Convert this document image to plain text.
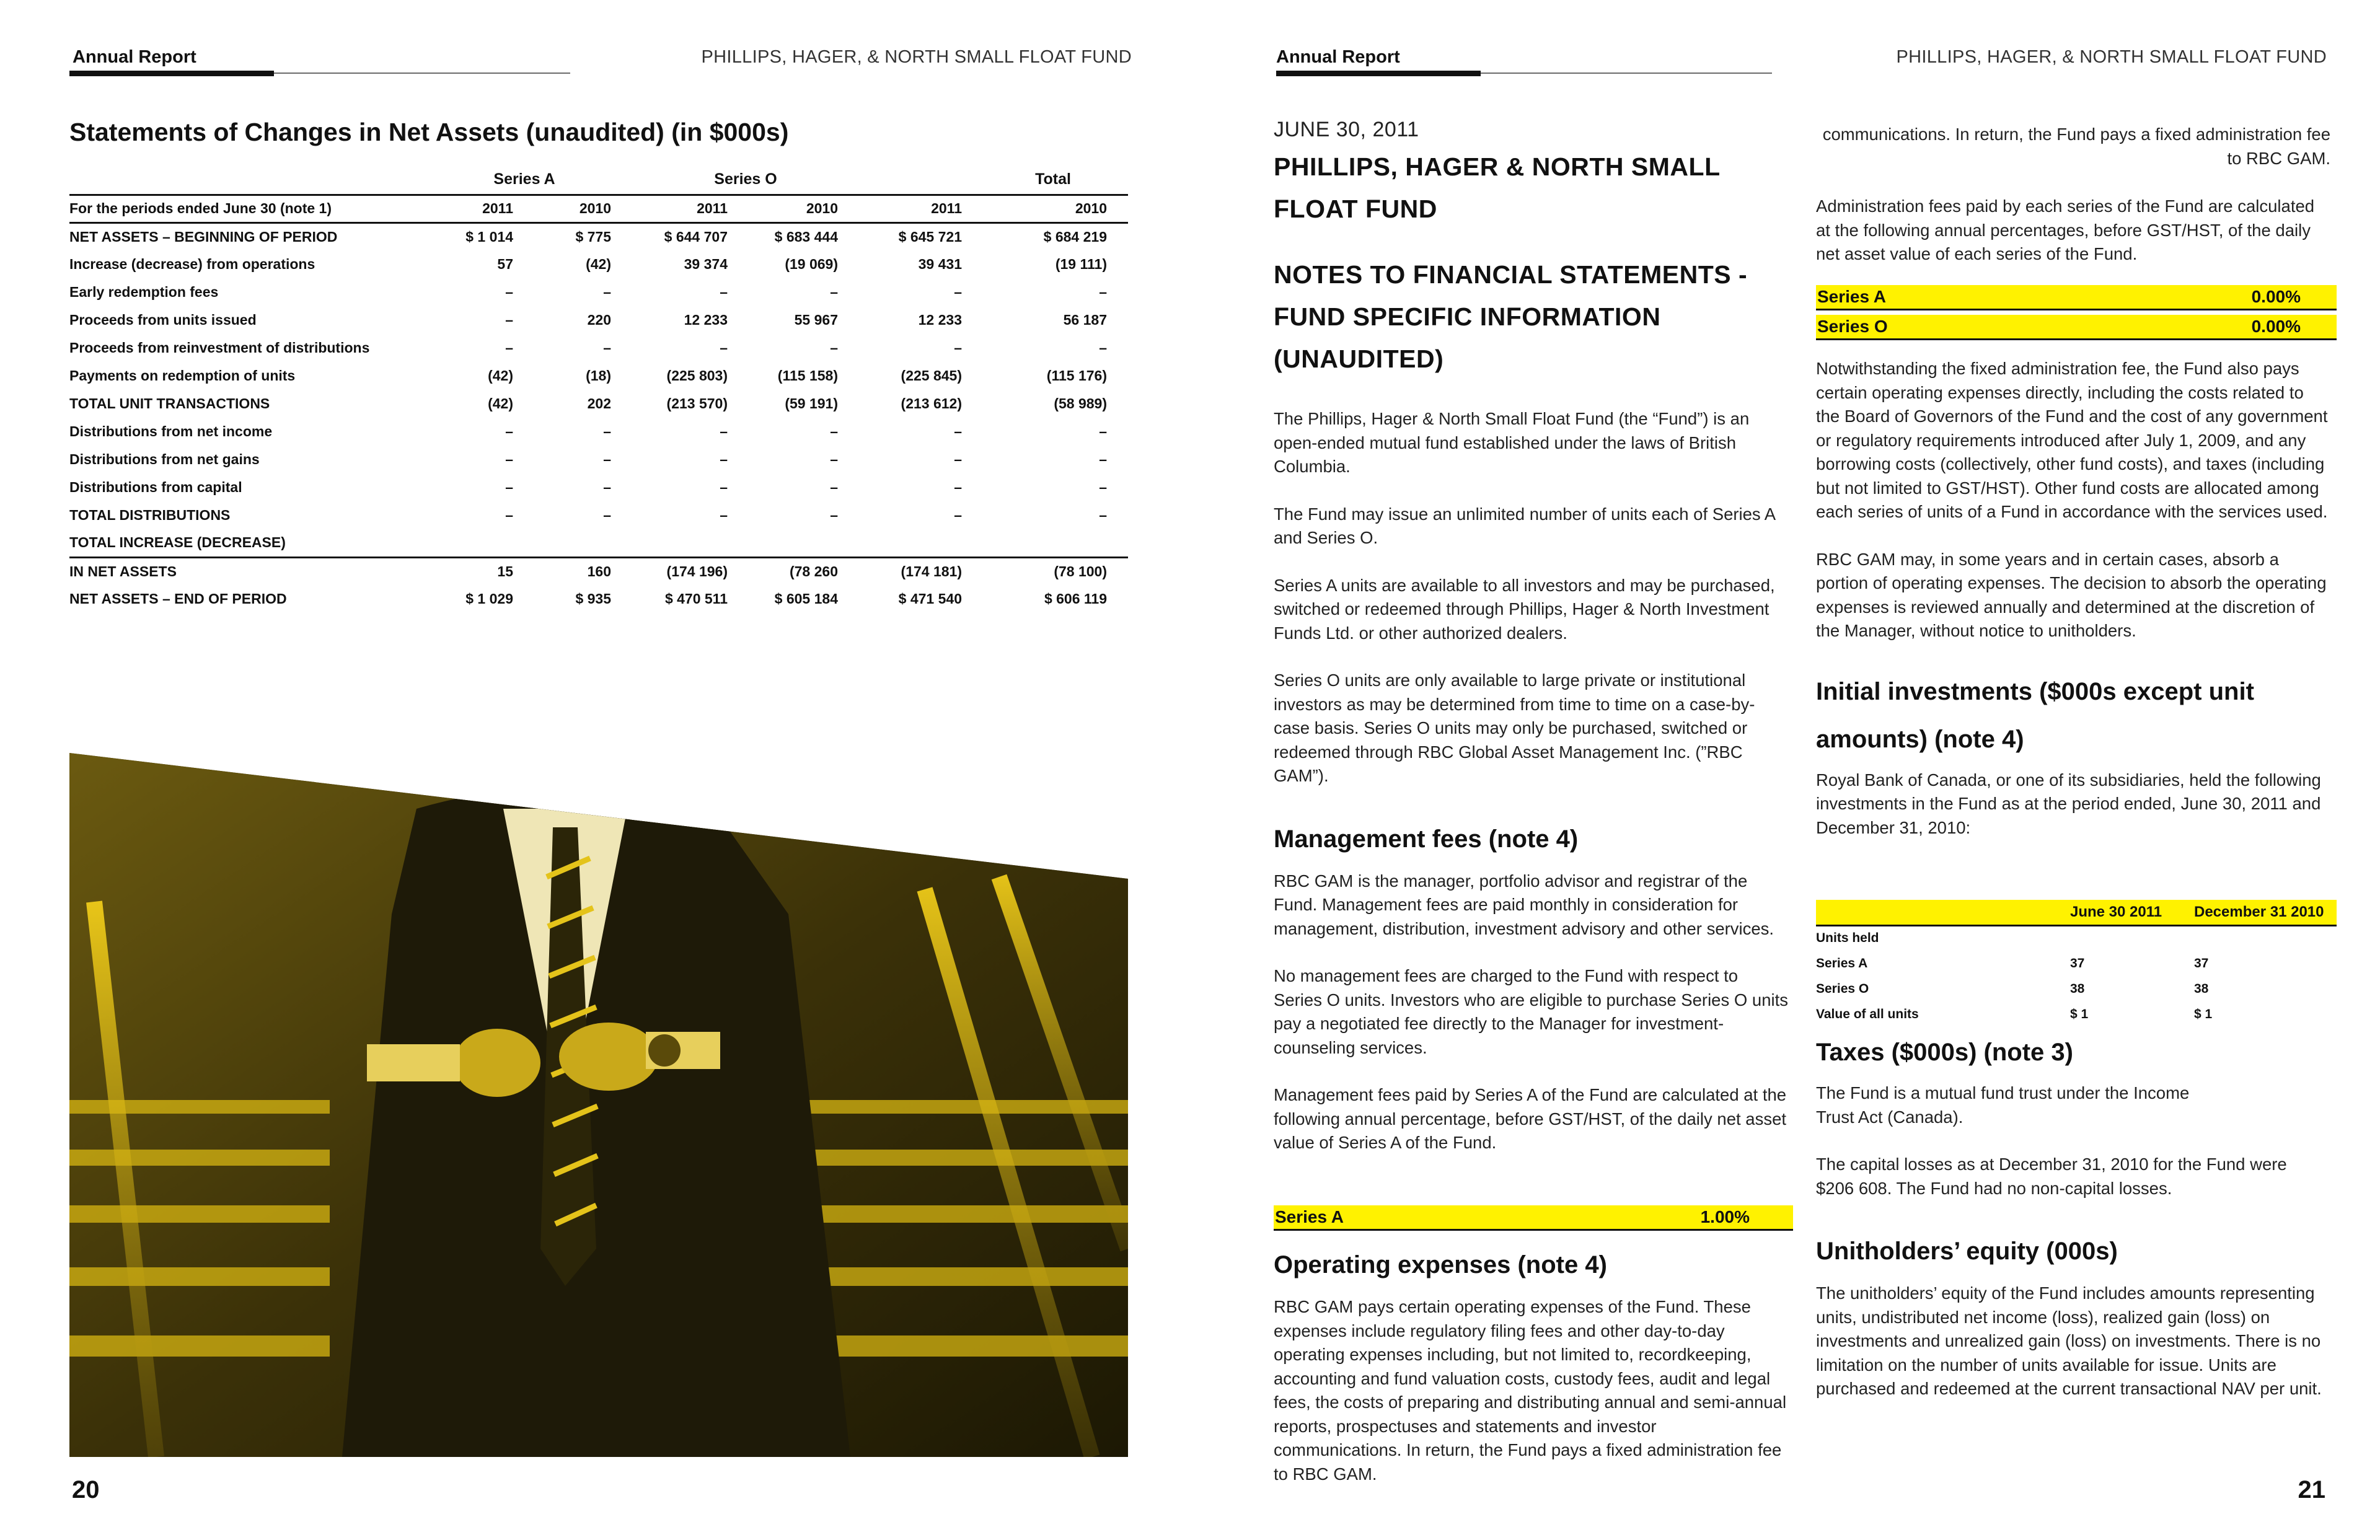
Annual Report	PHILLIPS, HAGER, & NORTH SMALL FLOAT FUND
Statements of Changes in Net Assets (unaudited) (in $000s)
	Series A		Series O			Total
For the periods ended June 30 (note 1)	2011	2010	2011	2010	2011	2010
NET ASSETS – BEGINNING OF PERIOD	$ 1 014	$ 775	$ 644 707	$ 683 444	$ 645 721	$ 684 219
Increase (decrease) from operations	57	(42)	39 374	(19 069)	39 431	(19 111)
Early redemption fees	–	–	–	–	–	–
Proceeds from units issued	–	220	12 233	55 967	12 233	56 187
Proceeds from reinvestment of distributions	–	–	–	–	–	–
Payments on redemption of units	(42)	(18)	(225 803)	(115 158)	(225 845)	(115 176)
TOTAL UNIT TRANSACTIONS	(42)	202	(213 570)	(59 191)	(213 612)	(58 989)
Distributions from net income	–	–	–	–	–	–
Distributions from net gains	–	–	–	–	–	–
Distributions from capital	–	–	–	–	–	–
TOTAL DISTRIBUTIONS	–	–	–	–	–	–
TOTAL INCREASE (DECREASE)						
IN NET ASSETS	15	160	(174 196)	(78 260	(174 181)	(78 100)
NET ASSETS – END OF PERIOD	$ 1 029	$ 935	$ 470 511	$ 605 184	$ 471 540	$ 606 119
20
Annual Report	PHILLIPS, HAGER, & NORTH SMALL FLOAT FUND
21
JUNE 30, 2011
PHILLIPS, HAGER & NORTH SMALL FLOAT FUND
NOTES TO FINANCIAL STATEMENTS - FUND SPECIFIC INFORMATION (UNAUDITED)

The Phillips, Hager & North Small Float Fund (the “Fund”) is an open-ended mutual fund established under the laws of British Columbia.

The Fund may issue an unlimited number of units each of Series A and Series O.

Series A units are available to all investors and may be purchased, switched or redeemed through Phillips, Hager & North Investment Funds Ltd. or other authorized dealers.

Series O units are only available to large private or institutional investors as may be determined from time to time on a case-by-case basis. Series O units may only be purchased, switched or redeemed through RBC Global Asset Management Inc. (”RBC GAM”).

Management fees (note 4)

RBC GAM is the manager, portfolio advisor and registrar of the Fund. Management fees are paid monthly in consideration for management, distribution, investment advisory and other services.

No management fees are charged to the Fund with respect to Series O units. Investors who are eligible to purchase Series O units pay a negotiated fee directly to the Manager for investment-counseling services.

Management fees paid by Series A of the Fund are calculated at the following annual percentage, before GST/HST, of the daily net asset value of Series A of the Fund.

Series A	1.00%
Operating expenses (note 4)

RBC GAM pays certain operating expenses of the Fund. These expenses include regulatory filing fees and other day-to-day operating expenses including, but not limited to, recordkeeping, accounting and fund valuation costs, custody fees, audit and legal fees, the costs of preparing and distributing annual and semi-annual reports, prospectuses and statements and investor communications. In return, the Fund pays a fixed administration fee to RBC GAM.

communications. In return, the Fund pays a fixed administration fee to RBC GAM.

Administration fees paid by each series of the Fund are calculated at the following annual percentages, before GST/HST, of the daily net asset value of each series of the Fund.

Series A	0.00%
Series O	0.00%

Notwithstanding the fixed administration fee, the Fund also pays certain operating expenses directly, including the costs related to the Board of Governors of the Fund and the cost of any government or regulatory requirements introduced after July 1, 2009, and any borrowing costs (collectively, other fund costs), and taxes (including but not limited to GST/HST). Other fund costs are allocated among each series of units of a Fund in accordance with the services used.

RBC GAM may, in some years and in certain cases, absorb a portion of operating expenses. The decision to absorb the operating expenses is reviewed annually and determined at the discretion of the Manager, without notice to unitholders.

Initial investments ($000s except unit amounts) (note 4)

Royal Bank of Canada, or one of its subsidiaries, held the following investments in the Fund as at the period ended, June 30, 2011 and December 31, 2010:

	June 30 2011	December 31 2010
Units held		
Series A	37	37
Series O	38	38
Value of all units	$ 1	$ 1
Taxes ($000s) (note 3)

The Fund is a mutual fund trust under the Income Trust Act (Canada).

The capital losses as at December 31, 2010 for the Fund were $206 608. The Fund had no non-capital losses.

Unitholders’ equity (000s)

The unitholders’ equity of the Fund includes amounts representing units, undistributed net income (loss), realized gain (loss) on investments and unrealized gain (loss) on investments. There is no limitation on the number of units available for issue. Units are purchased and redeemed at the current transactional NAV per unit.
